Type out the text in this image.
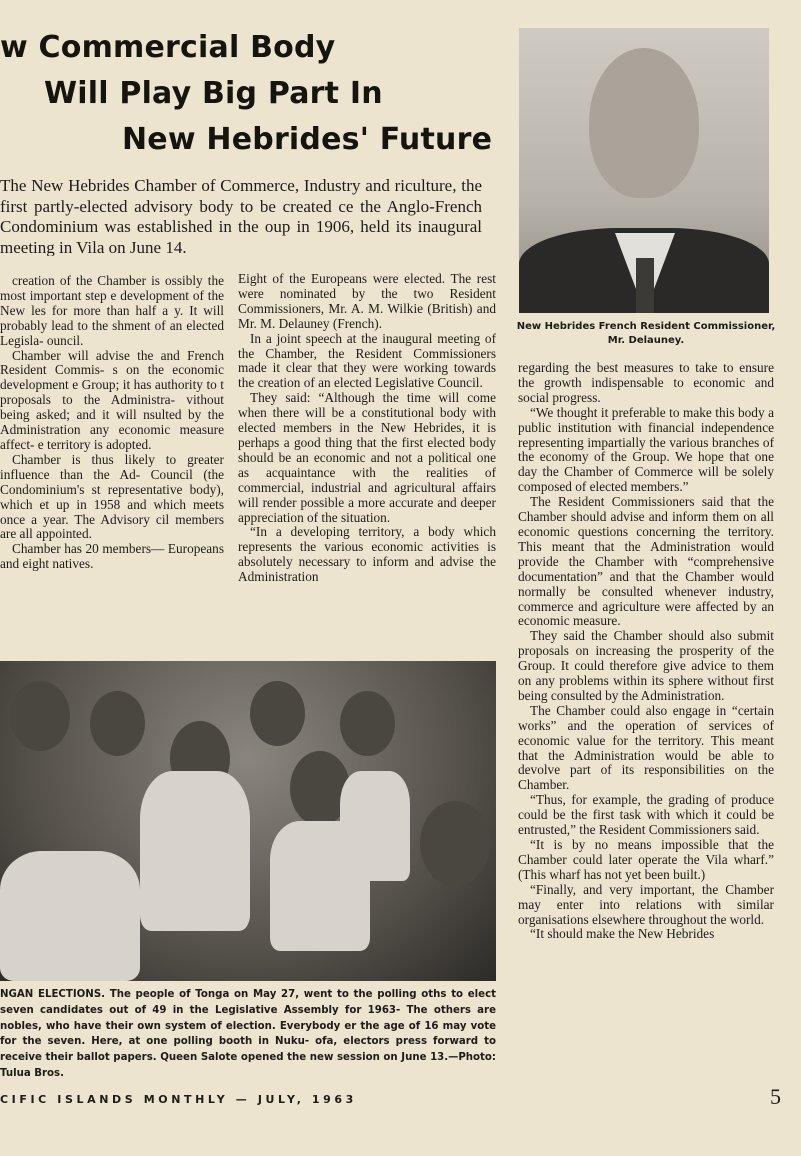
w Commercial Body
Will Play Big Part In
New Hebrides' Future

The New Hebrides Chamber of Commerce, Industry and riculture, the first partly-elected advisory body to be created ce the Anglo-French Condominium was established in the oup in 1906, held its inaugural meeting in Vila on June 14.

creation of the Chamber is ossibly the most important step e development of the New les for more than half a y. It will probably lead to the shment of an elected Legisla- ouncil.

Chamber will advise the and French Resident Commis- s on the economic development e Group; it has authority to t proposals to the Administra- vithout being asked; and it will nsulted by the Administration any economic measure affect- e territory is adopted.

Chamber is thus likely to greater influence than the Ad- Council (the Condominium's st representative body), which et up in 1958 and which meets once a year. The Advisory cil members are all appointed.

Chamber has 20 members— Europeans and eight natives.

Eight of the Europeans were elected. The rest were nominated by the two Resident Commissioners, Mr. A. M. Wilkie (British) and Mr. M. Delauney (French).

In a joint speech at the inaugural meeting of the Chamber, the Resident Commissioners made it clear that they were working towards the creation of an elected Legislative Council.

They said: “Although the time will come when there will be a constitutional body with elected members in the New Hebrides, it is perhaps a good thing that the first elected body should be an economic and not a political one as acquaintance with the realities of commercial, industrial and agricultural affairs will render possible a more accurate and deeper appreciation of the situation.

“In a developing territory, a body which represents the various economic activities is absolutely necessary to inform and advise the Administration

New Hebrides French Resident Commissioner, Mr. Delauney.

regarding the best measures to take to ensure the growth indispensable to economic and social progress.

“We thought it preferable to make this body a public institution with financial independence representing impartially the various branches of the economy of the Group. We hope that one day the Chamber of Commerce will be solely composed of elected members.”

The Resident Commissioners said that the Chamber should advise and inform them on all economic questions concerning the territory. This meant that the Administration would provide the Chamber with “comprehensive documentation” and that the Chamber would normally be consulted whenever industry, commerce and agriculture were affected by an economic measure.

They said the Chamber should also submit proposals on increasing the prosperity of the Group. It could therefore give advice to them on any problems within its sphere without first being consulted by the Administration.

The Chamber could also engage in “certain works” and the operation of services of economic value for the territory. This meant that the Administration would be able to devolve part of its responsibilities on the Chamber.

“Thus, for example, the grading of produce could be the first task with which it could be entrusted,” the Resident Commissioners said.

“It is by no means impossible that the Chamber could later operate the Vila wharf.” (This wharf has not yet been built.)

“Finally, and very important, the Chamber may enter into relations with similar organisations elsewhere throughout the world.

“It should make the New Hebrides

NGAN ELECTIONS. The people of Tonga on May 27, went to the polling oths to elect seven candidates out of 49 in the Legislative Assembly for 1963- The others are nobles, who have their own system of election. Everybody er the age of 16 may vote for the seven. Here, at one polling booth in Nuku- ofa, electors press forward to receive their ballot papers. Queen Salote opened the new session on June 13.—Photo: Tulua Bros.

CIFIC ISLANDS MONTHLY — JULY, 1963	5
